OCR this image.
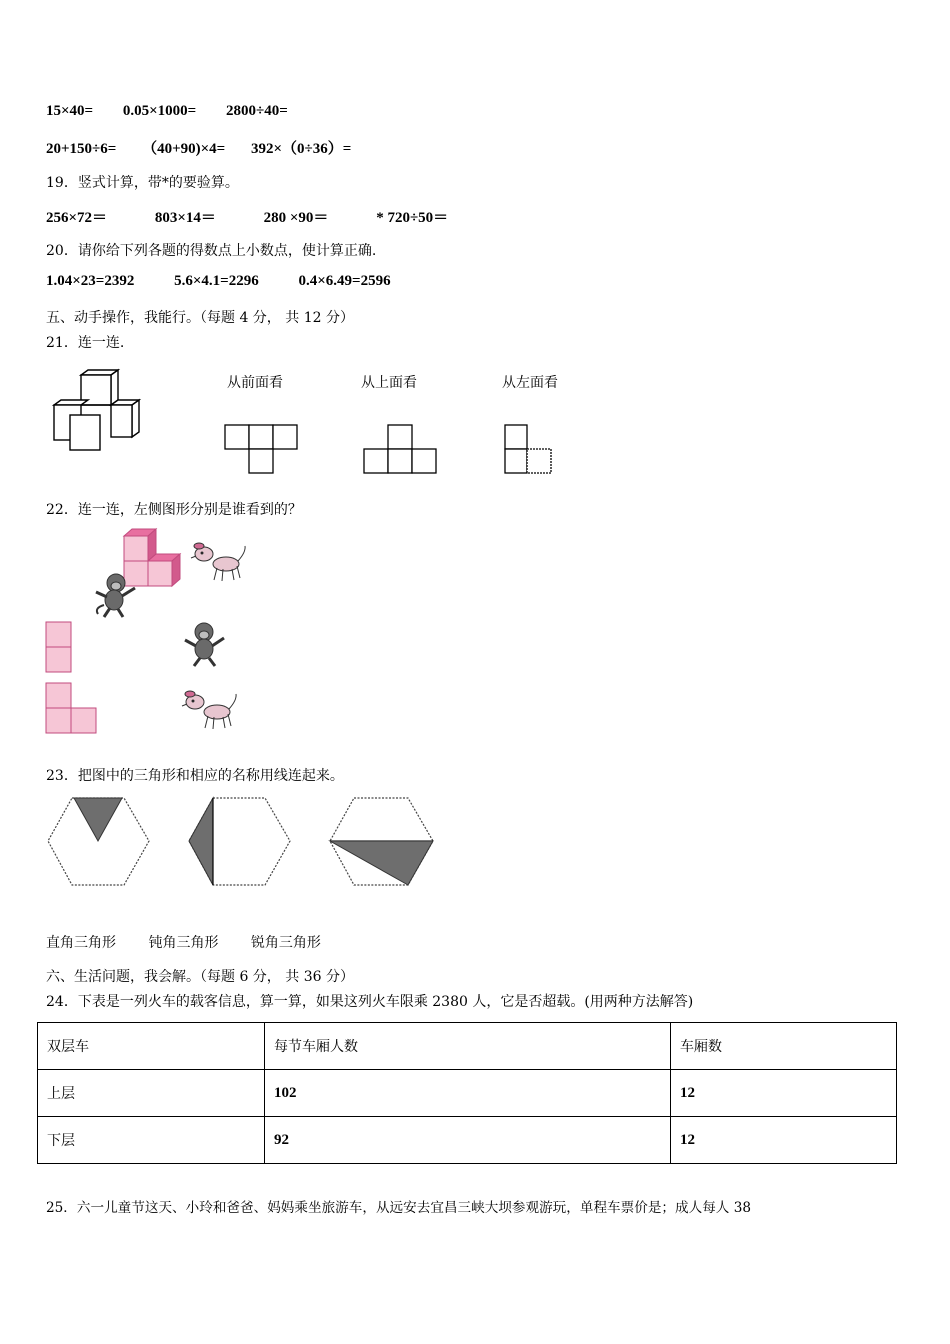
15×40= 0.05×1000= 2800÷40=
20+150÷6= （40+90)×4= 392×（0÷36）=
19．竖式计算，带*的要验算。
256×72＝	803×14＝	280 ×90＝	* 720÷50＝
20．请你给下列各题的得数点上小数点，使计算正确.
1.04×23=2392	5.6×4.1=2296	0.4×6.49=2596
五、动手操作，我能行。（每题 4 分， 共 12 分）
21．连一连.
从前面看	从上面看	从左面看
22．连一连，左侧图形分别是谁看到的？
23．把图中的三角形和相应的名称用线连起来。
直角三角形 钝角三角形 锐角三角形
六、生活问题，我会解。（每题 6 分， 共 36 分）
24．下表是一列火车的载客信息，算一算，如果这列火车限乘 2380 人，它是否超载。(用两种方法解答)
双层车	每节车厢人数	车厢数
上层	102	12
下层	92	12
25．六一儿童节这天、小玲和爸爸、妈妈乘坐旅游车，从远安去宜昌三峡大坝参观游玩，单程车票价是；成人每人 38
